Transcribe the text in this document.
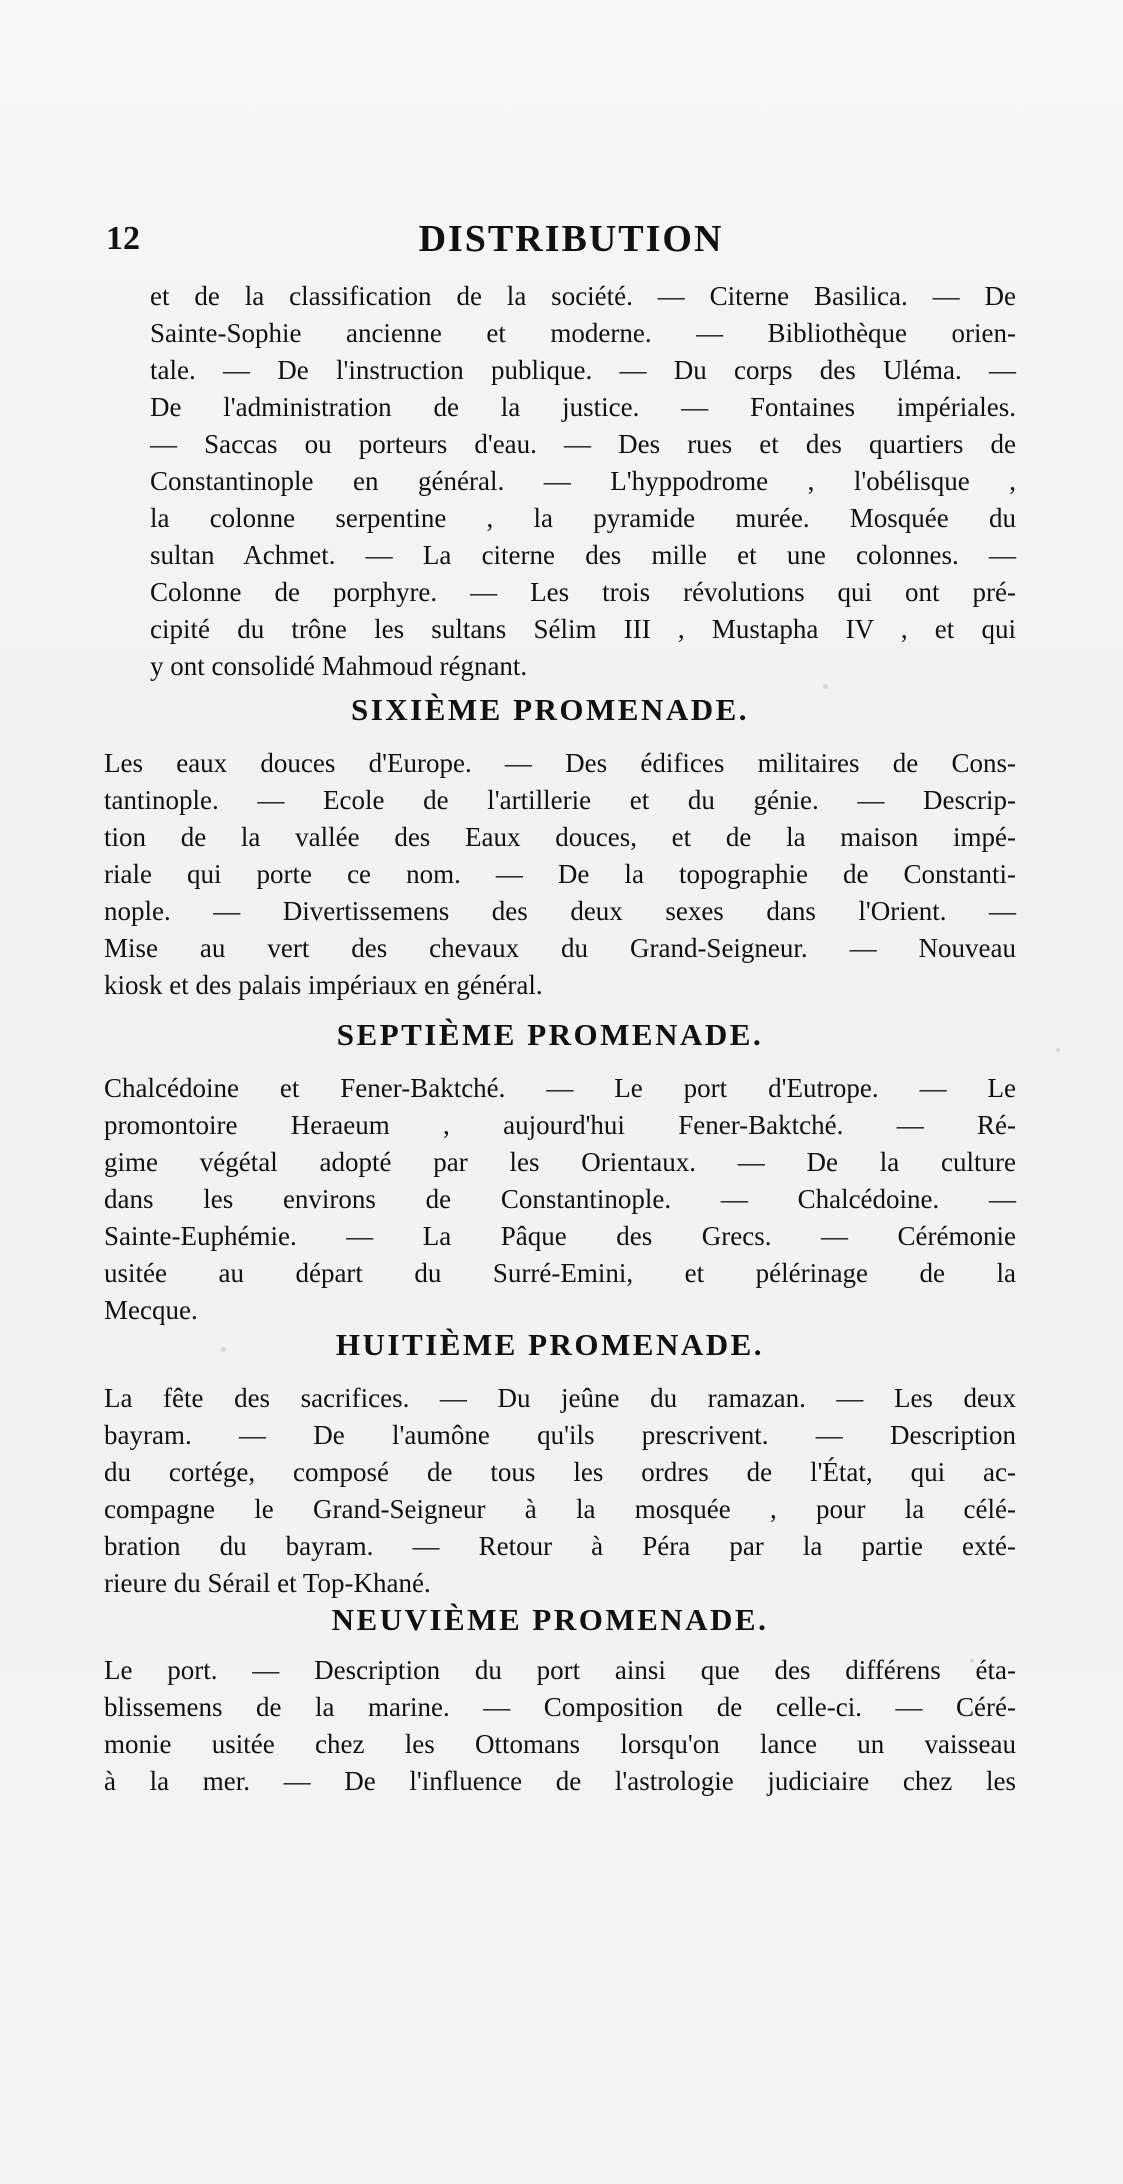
12	DISTRIBUTION
et de la classification de la société. — Citerne Basilica. — De
Sainte-Sophie ancienne et moderne. — Bibliothèque orien-
tale. — De l'instruction publique. — Du corps des Uléma. —
De l'administration de la justice. — Fontaines impériales.
— Saccas ou porteurs d'eau. — Des rues et des quartiers de
Constantinople en général. — L'hyppodrome , l'obélisque ,
la colonne serpentine , la pyramide murée. Mosquée du
sultan Achmet. — La citerne des mille et une colonnes. —
Colonne de porphyre. — Les trois révolutions qui ont pré-
cipité du trône les sultans Sélim III , Mustapha IV , et qui
y ont consolidé Mahmoud régnant.
SIXIÈME PROMENADE.
Les eaux douces d'Europe. — Des édifices militaires de Cons-
tantinople. — Ecole de l'artillerie et du génie. — Descrip-
tion de la vallée des Eaux douces, et de la maison impé-
riale qui porte ce nom. — De la topographie de Constanti-
nople. — Divertissemens des deux sexes dans l'Orient. —
Mise au vert des chevaux du Grand-Seigneur. — Nouveau
kiosk et des palais impériaux en général.
SEPTIÈME PROMENADE.
Chalcédoine et Fener-Baktché. — Le port d'Eutrope. — Le
promontoire Heraeum , aujourd'hui Fener-Baktché. — Ré-
gime végétal adopté par les Orientaux. — De la culture
dans les environs de Constantinople. — Chalcédoine. —
Sainte-Euphémie. — La Pâque des Grecs. — Cérémonie
usitée au départ du Surré-Emini, et pélérinage de la
Mecque.
HUITIÈME PROMENADE.
La fête des sacrifices. — Du jeûne du ramazan. — Les deux
bayram. — De l'aumône qu'ils prescrivent. — Description
du cortége, composé de tous les ordres de l'État, qui ac-
compagne le Grand-Seigneur à la mosquée , pour la célé-
bration du bayram. — Retour à Péra par la partie exté-
rieure du Sérail et Top-Khané.
NEUVIÈME PROMENADE.
Le port. — Description du port ainsi que des différens éta-
blissemens de la marine. — Composition de celle-ci. — Céré-
monie usitée chez les Ottomans lorsqu'on lance un vaisseau
à la mer. — De l'influence de l'astrologie judiciaire chez les
